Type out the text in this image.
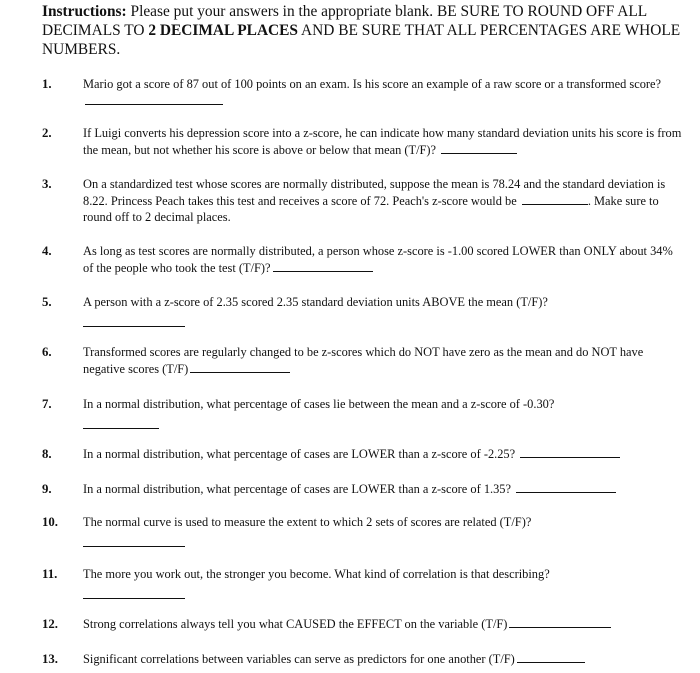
Instructions: Please put your answers in the appropriate blank. BE SURE TO ROUND OFF ALL DECIMALS TO 2 DECIMAL PLACES AND BE SURE THAT ALL PERCENTAGES ARE WHOLE NUMBERS.
1.	Mario got a score of 87 out of 100 points on an exam. Is his score an example of a raw score or a transformed score?
2.	If Luigi converts his depression score into a z-score, he can indicate how many standard deviation units his score is from the mean, but not whether his score is above or below that mean (T/F)?
3.	On a standardized test whose scores are normally distributed, suppose the mean is 78.24 and the standard deviation is 8.22. Princess Peach takes this test and receives a score of 72. Peach's z-score would be	. Make sure to round off to 2 decimal places.
4.	As long as test scores are normally distributed, a person whose z-score is -1.00 scored LOWER than ONLY about 34% of the people who took the test (T/F)?
5.	A person with a z-score of 2.35 scored 2.35 standard deviation units ABOVE the mean (T/F)?
6.	Transformed scores are regularly changed to be z-scores which do NOT have zero as the mean and do NOT have negative scores (T/F)
7.	In a normal distribution, what percentage of cases lie between the mean and a z-score of -0.30?
8.	In a normal distribution, what percentage of cases are LOWER than a z-score of -2.25?
9.	In a normal distribution, what percentage of cases are LOWER than a z-score of 1.35?
10. The normal curve is used to measure the extent to which 2 sets of scores are related (T/F)?
11. The more you work out, the stronger you become. What kind of correlation is that describing?
12. Strong correlations always tell you what CAUSED the EFFECT on the variable (T/F)
13. Significant correlations between variables can serve as predictors for one another (T/F)
